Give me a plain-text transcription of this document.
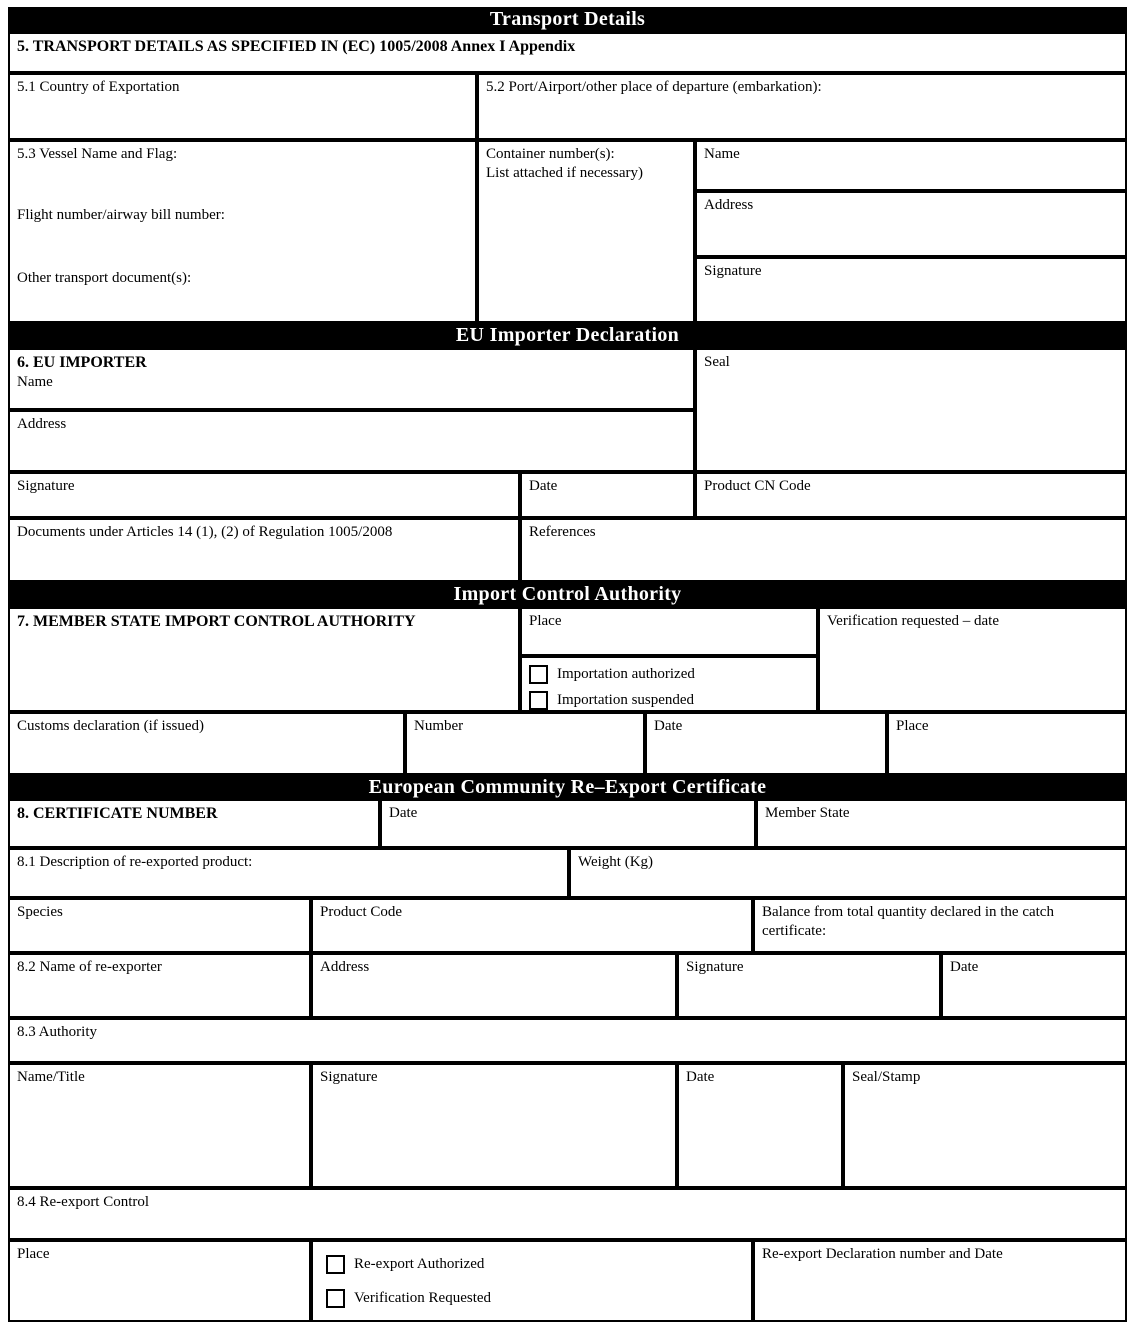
Transport Details
5. TRANSPORT DETAILS AS SPECIFIED IN (EC) 1005/2008 Annex I Appendix
5.1 Country of Exportation	5.2 Port/Airport/other place of departure (embarkation):
5.3 Vessel Name and Flag:
Flight number/airway bill number:
Other transport document(s):
Container number(s):
List attached if necessary)
Name
Address
Signature
EU Importer Declaration
6. EU IMPORTER
Name
Seal
Address
Signature	Date	Product CN Code
Documents under Articles 14 (1), (2) of Regulation 1005/2008	References
Import Control Authority
7. MEMBER STATE IMPORT CONTROL AUTHORITY	Place
Importation authorized
Importation suspended
Verification requested – date
Customs declaration (if issued)	Number	Date	Place
European Community Re–Export Certificate
8. CERTIFICATE NUMBER	Date	Member State
8.1 Description of re-exported product:	Weight (Kg)
Species	Product Code	Balance from total quantity declared in the catch certificate:
8.2 Name of re-exporter	Address	Signature	Date
8.3 Authority
Name/Title	Signature	Date	Seal/Stamp
8.4 Re-export Control
Place
Re-export Authorized
Verification Requested
Re-export Declaration number and Date
